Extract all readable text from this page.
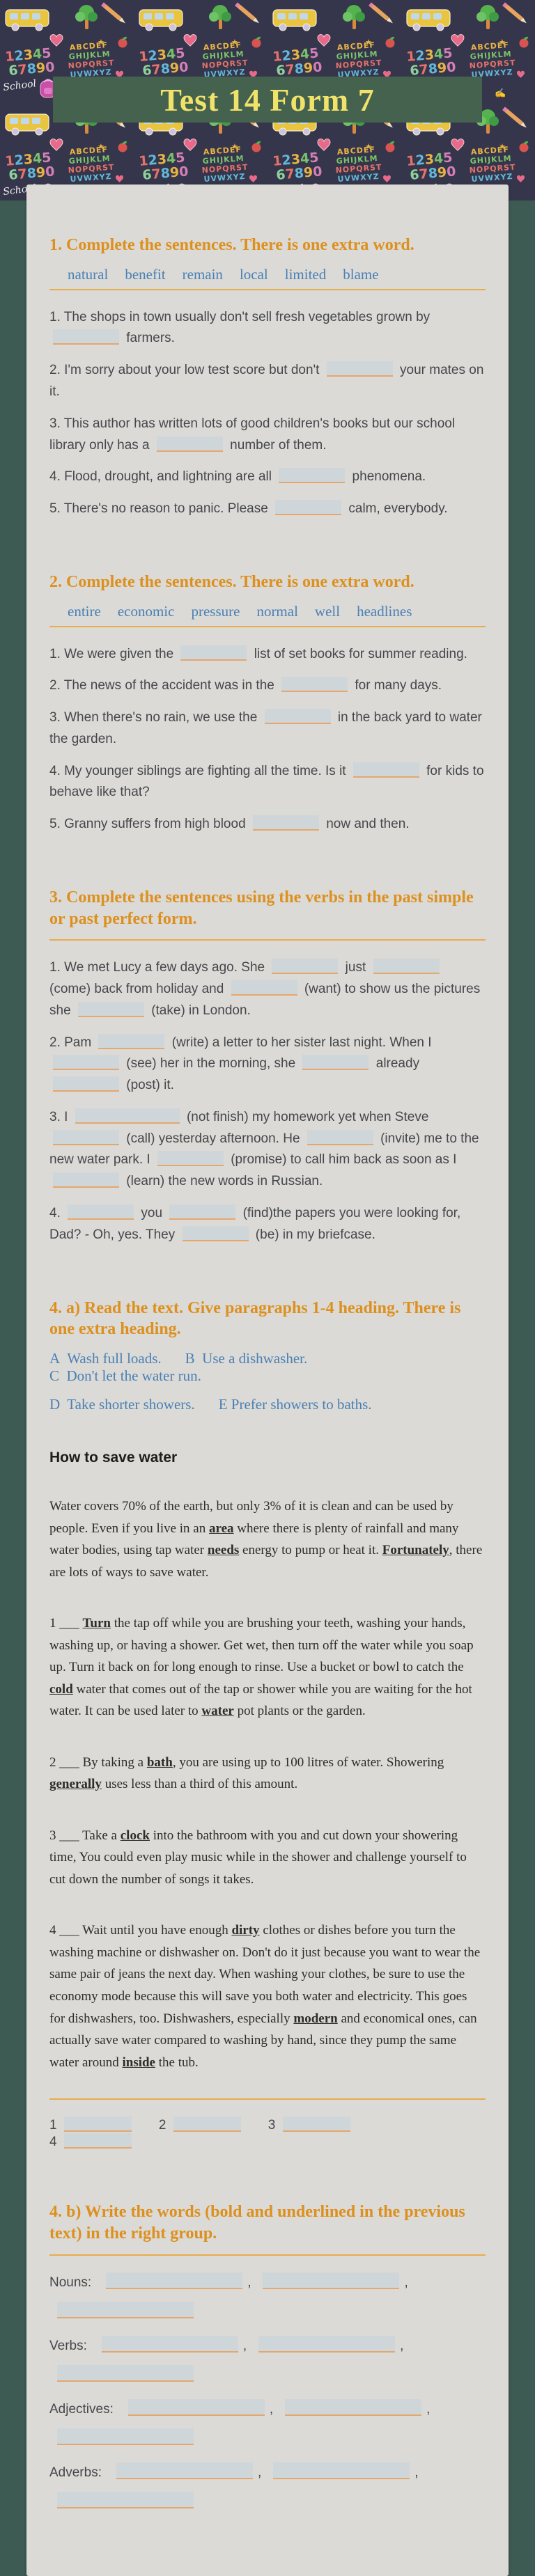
Test 14 Form 7
1. Complete the sentences. There is one extra word.
natural benefit remain local limited blame

1. The shops in town usually don't sell fresh vegetables grown by  farmers.

2. I'm sorry about your low test score but don't	your mates on it.

3. This author has written lots of good children's books but our school library only has a	number of them.

4. Flood, drought, and lightning are all	phenomena.

5. There's no reason to panic. Please	calm, everybody.

2. Complete the sentences. There is one extra word.
entire economic pressure normal well headlines

1. We were given the	list of set books for summer reading.

2. The news of the accident was in the	for many days.

3. When there's no rain, we use the	in the back yard to water the garden.

4. My younger siblings are fighting all the time. Is it	for kids to behave like that?

5. Granny suffers from high blood	now and then.

3. Complete the sentences using the verbs in the past simple or past perfect form.

1. We met Lucy a few days ago. She	just  (come) back from holiday and	(want) to show us the pictures she	(take) in London.

2. Pam	(write) a letter to her sister last night. When I  (see) her in the morning, she	already  (post) it.

3. I	(not finish) my homework yet when Steve  (call) yesterday afternoon. He	(invite) me to the new water park. I	(promise) to call him back as soon as I  (learn) the new words in Russian.

4.	you	(find)the papers you were looking for, Dad? - Oh, yes. They	(be) in my briefcase.

4. a) Read the text. Give paragraphs 1-4 heading. There is one extra heading.
A  Wash full loads. B  Use a dishwasher.C  Don't let the water run.
D  Take shorter showers. E Prefer showers to baths.
How to save water

Water covers 70% of the earth, but only 3% of it is clean and can be used by people. Even if you live in an area where there is plenty of rainfall and many water bodies, using tap water needs energy to pump or heat it. Fortunately, there are lots of ways to save water.

1 ___ Turn the tap off while you are brushing your teeth, washing your hands, washing up, or having a shower. Get wet, then turn off the water while you soap up. Turn it back on for long enough to rinse. Use a bucket or bowl to catch the cold water that comes out of the tap or shower while you are waiting for the hot water. It can be used later to water pot plants or the garden.

2 ___ By taking a bath, you are using up to 100 litres of water. Showering generally uses less than a third of this amount.

3 ___ Take a clock into the bathroom with you and cut down your showering time, You could even play music while in the shower and challenge yourself to cut down the number of songs it takes.

4 ___ Wait until you have enough dirty clothes or dishes before you turn the washing machine or dishwasher on. Don't do it just because you want to wear the same pair of jeans the next day. When washing your clothes, be sure to use the economy mode because this will save you both water and electricity. This goes for dishwashers, too. Dishwashers, especially modern and economical ones, can actually save water compared to washing by hand, since they pump the same water around inside the tub.

1	2	3 4
4. b) Write the words (bold and underlined in the previous text) in the right group.
Nouns:	,	,
Verbs:	,	,
Adjectives:	,	,
Adverbs:	,	,
